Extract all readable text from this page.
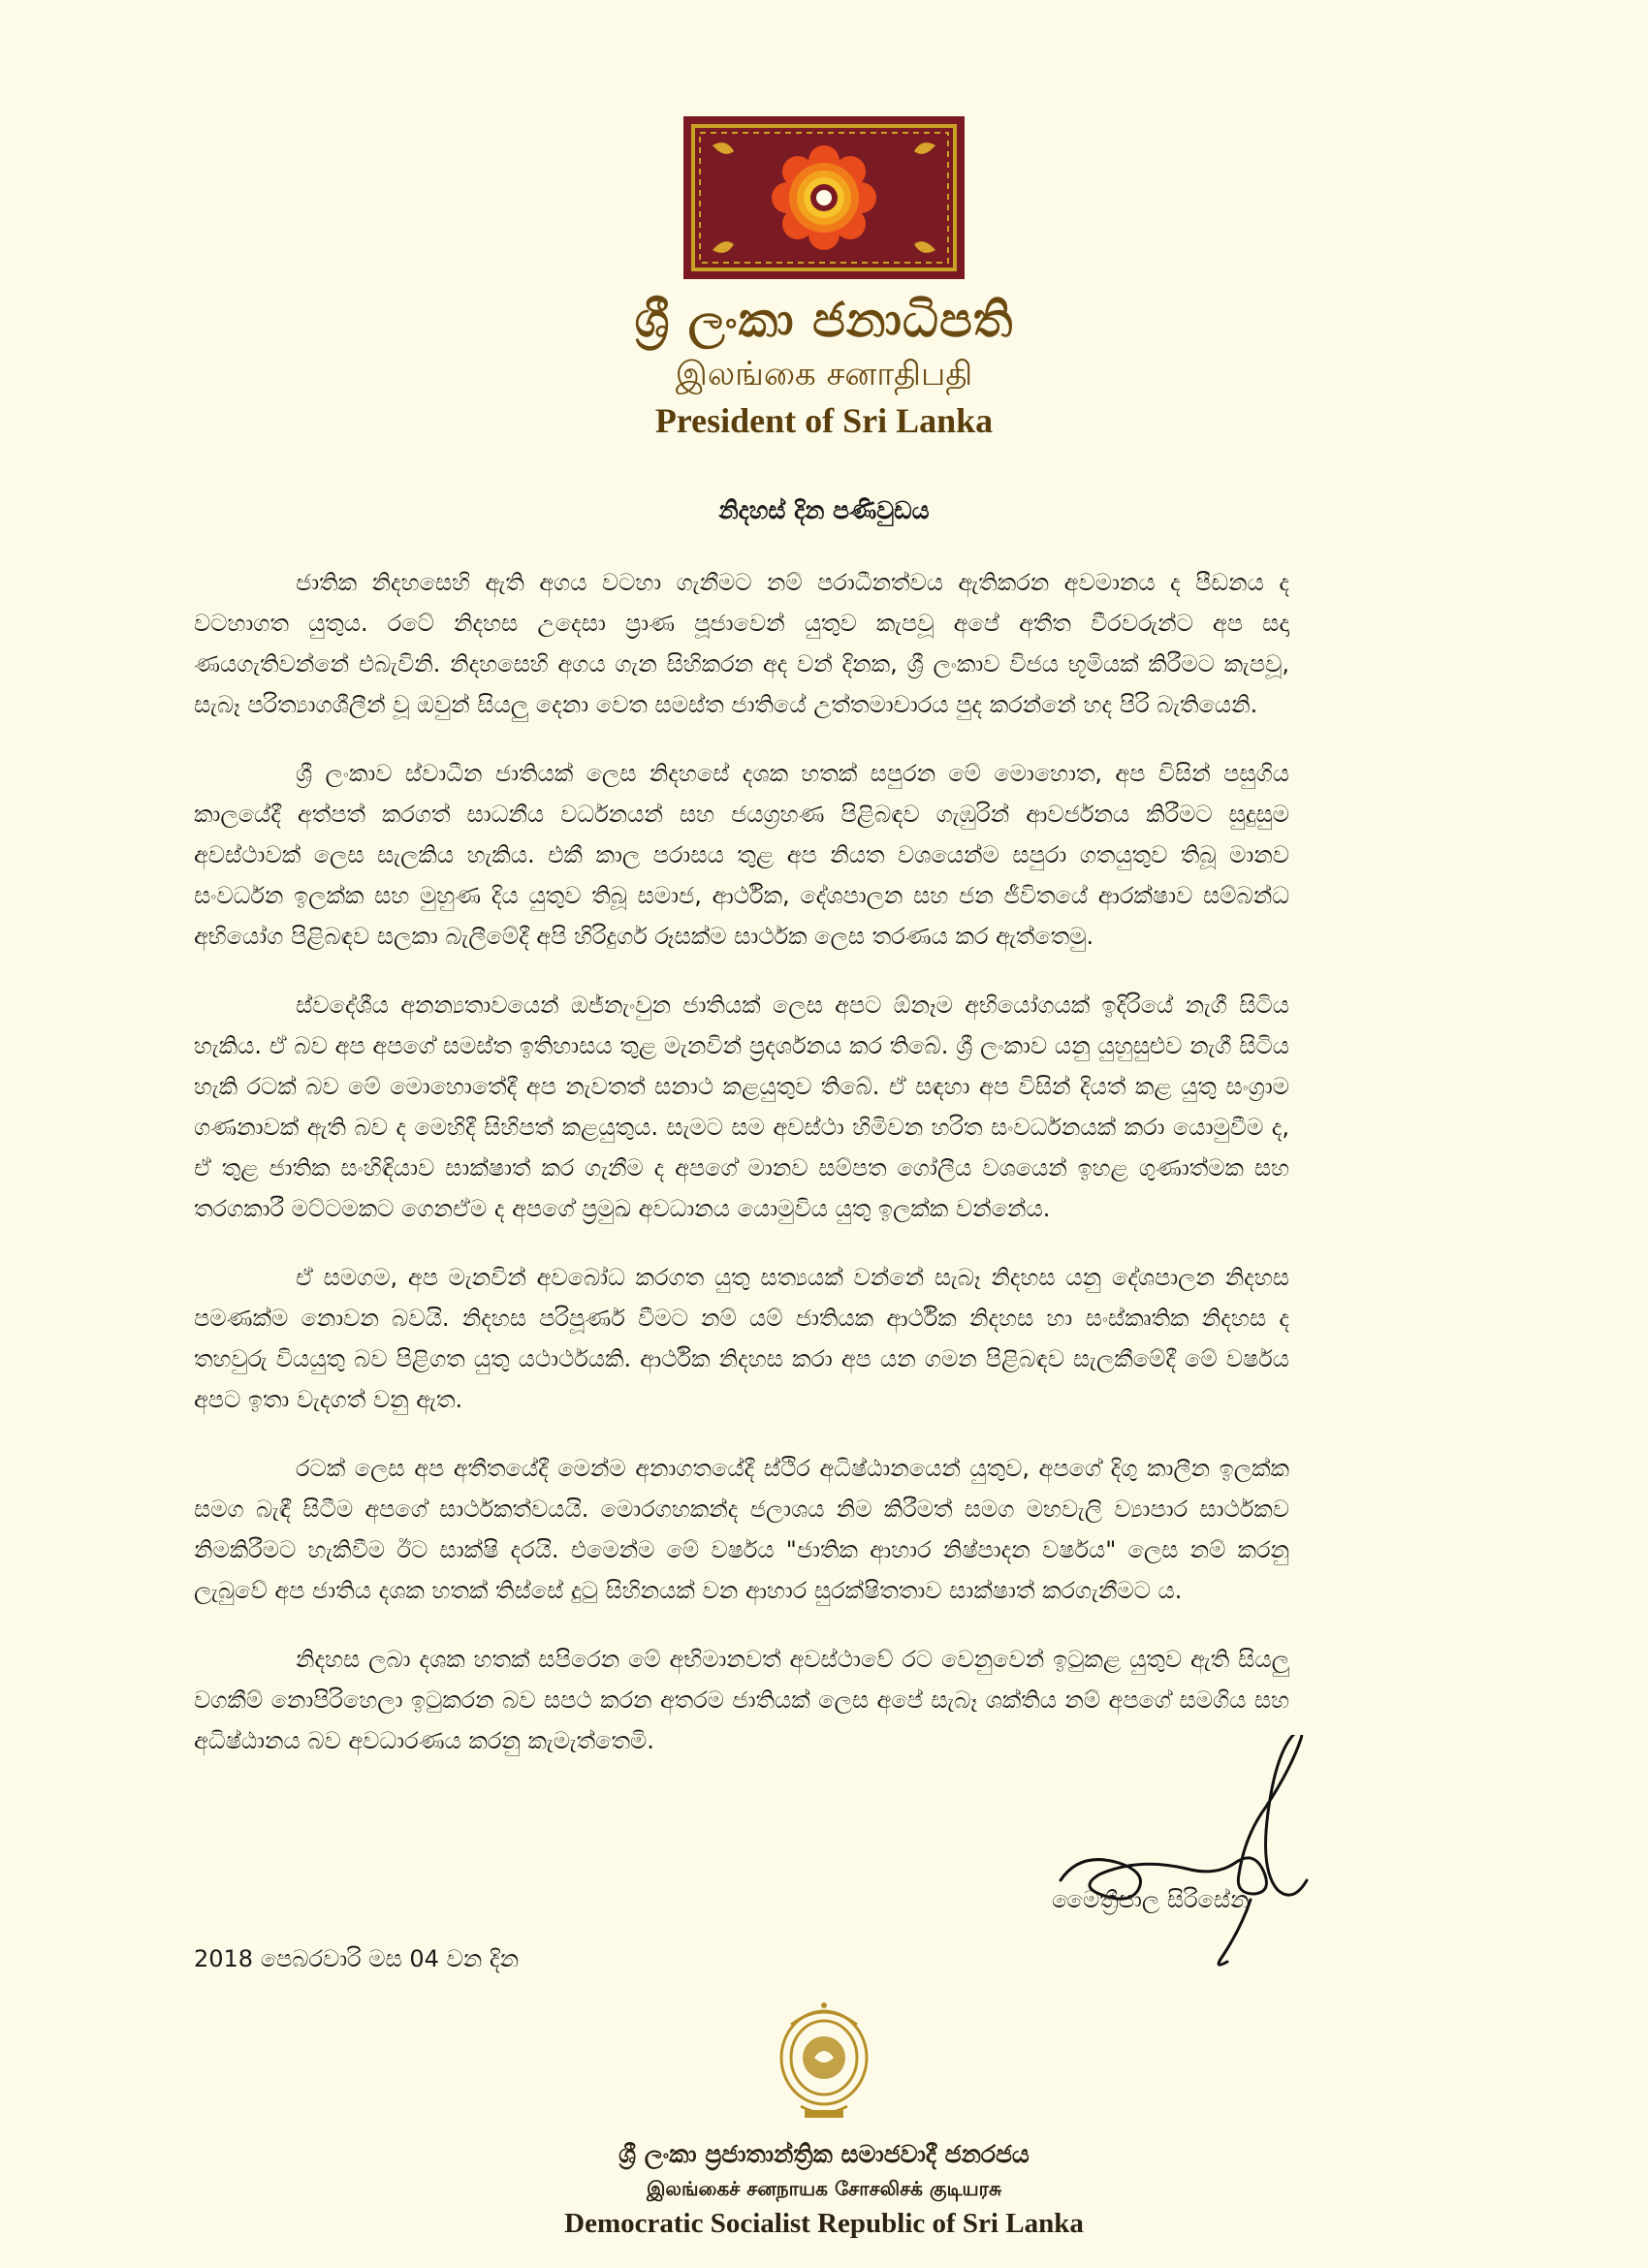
ශ්‍රී ලංකා ජනාධිපති
இலங்கை சனாதிபதி
President of Sri Lanka
නිදහස් දින පණිවුඩය

ජාතික නිදහසෙහි ඇති අගය වටහා ගැනීමට නම් පරාධීනත්වය ඇතිකරන අවමානය ද පීඩනය ද වටහාගත යුතුය. රටේ නිදහස උදෙසා ප්‍රාණ පූජාවෙන් යුතුව කැපවූ අපේ අතීත වීරවරුන්ට අප සදා ණයගැතිවන්නේ එබැවිනි. නිදහසෙහි අගය ගැන සිහිකරන අද වන් දිනක, ශ්‍රී ලංකාව විජය භූමියක් කිරීමට කැපවූ, සැබෑ පරිත්‍යාගශීලීන් වූ ඔවුන් සියලු දෙනා වෙත සමස්ත ජාතියේ උත්තමාචාරය පුද කරන්නේ හද පිරි බැතියෙනි.

ශ්‍රී ලංකාව ස්වාධීන ජාතියක් ලෙස නිදහසේ දශක හතක් සපුරන මේ මොහොත, අප විසින් පසුගිය කාලයේදී අත්පත් කරගත් සාධනීය වර්ධනයන් සහ ජයග්‍රහණ පිළිබඳව ගැඹුරින් ආවර්ජනය කිරීමට සුදුසුම අවස්ථාවක් ලෙස සැලකිය හැකිය. එකී කාල පරාසය තුළ අප නියත වශයෙන්ම සපුරා ගතයුතුව තිබූ මානව සංවර්ධන ඉලක්ක සහ මුහුණ දිය යුතුව තිබූ සමාජ, ආර්ථික, දේශපාලන සහ ජන ජීවිතයේ ආරක්ෂාව සම්බන්ධ අභියෝග පිළිබඳව සලකා බැලීමේදී අපි හිරිදුර්ග රූසක්ම සාර්ථක ලෙස තරණය කර ඇත්තෙමු.

ස්වදේශීය අනන්‍යතාවයෙන් ඔජ්නැංවුන ජාතියක් ලෙස අපට ඕනෑම අභියෝගයක් ඉදිරියේ නැගී සිටිය හැකිය. ඒ බව අප අපගේ සමස්ත ඉතිහාසය තුළ මැනවින් ප්‍රදර්ශනය කර තිබේ. ශ්‍රී ලංකාව යනු යුහුසුළුව නැගී සිටිය හැකි රටක් බව මේ මොහොතේදී අප නැවතත් සනාථ කළයුතුව තිබේ. ඒ සඳහා අප විසින් දියත් කළ යුතු සංග්‍රාම ගණනාවක් ඇති බව ද මෙහිදී සිහිපත් කළයුතුය. සැමට සම අවස්ථා හිමිවන හරිත සංවර්ධනයක් කරා යොමුවීම ද, ඒ තුළ ජාතික සංහිඳියාව සාක්ෂාත් කර ගැනීම ද අපගේ මානව සම්පත ගෝලීය වශයෙන් ඉහළ ගුණාත්මක සහ තරගකාරී මට්ටමකට ගෙනඒම ද අපගේ ප්‍රමුඛ අවධානය යොමුවිය යුතු ඉලක්ක වන්නේය.

ඒ සමගම, අප මැනවින් අවබෝධ කරගත යුතු සත්‍යයක් වන්නේ සැබෑ නිදහස යනු දේශපාලන නිදහස පමණක්ම නොවන බවයි. නිදහස පරිපූර්ණ වීමට නම් යම් ජාතියක ආර්ථික නිදහස හා සංස්කෘතික නිදහස ද තහවුරු වියයුතු බව පිළිගත යුතු යථාර්ථයකි. ආර්ථික නිදහස කරා අප යන ගමන පිළිබඳව සැලකීමේදී මේ වර්ෂය අපට ඉතා වැදගත් වනු ඇත.

රටක් ලෙස අප අතීතයේදී මෙන්ම අනාගතයේදී ස්ථිර අධිෂ්ඨානයෙන් යුතුව, අපගේ දිගු කාලීන ඉලක්ක සමග බැඳී සිටීම අපගේ සාර්ථකත්වයයි. මොරගහකන්ද ජලාශය නිම කිරීමත් සමග මහවැලි ව්‍යාපාර සාර්ථකව නිමකිරීමට හැකිවීම ඊට සාක්ෂි දරයි. එමෙන්ම මේ වර්ෂය "ජාතික ආහාර නිෂ්පාදන වර්ෂය" ලෙස නම් කරනු ලැබුවේ අප ජාතිය දශක හතක් තිස්සේ දුටු සිහිනයක් වන ආහාර සුරක්ෂිතතාව සාක්ෂාත් කරගැනීමට ය.

නිදහස ලබා දශක හතක් සපිරෙන මේ අභිමානවත් අවස්ථාවේ රට වෙනුවෙන් ඉටුකළ යුතුව ඇති සියලු වගකීම් නොපිරිහෙලා ඉටුකරන බව සපථ කරන අතරම ජාතියක් ලෙස අපේ සැබෑ ශක්තිය නම් අපගේ සමගිය සහ අධිෂ්ඨානය බව අවධාරණය කරනු කැමැත්තෙමි.

මෛත්‍රීපාල සිරිසේන
2018 පෙබරවාරි මස 04 වන දින
ශ්‍රී ලංකා ප්‍රජාතාන්ත්‍රික සමාජවාදී ජනරජය
இலங்கைச் சனநாயக சோசலிசக் குடியரசு
Democratic Socialist Republic of Sri Lanka
